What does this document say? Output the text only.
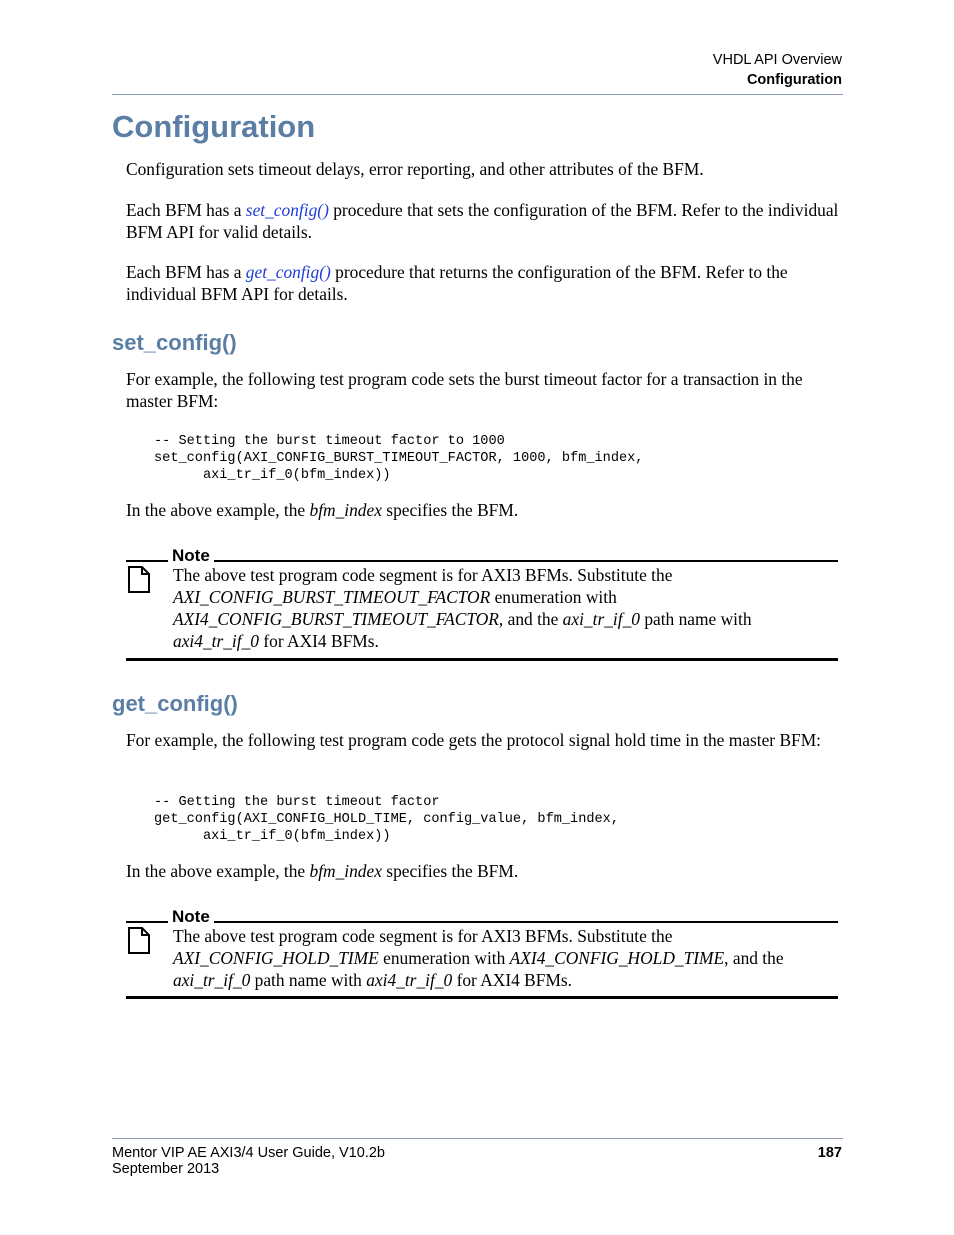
VHDL API Overview
Configuration
Configuration

Configuration sets timeout delays, error reporting, and other attributes of the BFM.

Each BFM has a set_config() procedure that sets the configuration of the BFM. Refer to the individual BFM API for valid details.

Each BFM has a get_config() procedure that returns the configuration of the BFM. Refer to the individual BFM API for details.

set_config()

For example, the following test program code sets the burst timeout factor for a transaction in the master BFM:

-- Setting the burst timeout factor to 1000
set_config(AXI_CONFIG_BURST_TIMEOUT_FACTOR, 1000, bfm_index,
axi_tr_if_0(bfm_index))

In the above example, the bfm_index specifies the BFM.

Note
The above test program code segment is for AXI3 BFMs. Substitute the AXI_CONFIG_BURST_TIMEOUT_FACTOR enumeration with AXI4_CONFIG_BURST_TIMEOUT_FACTOR, and the axi_tr_if_0 path name with axi4_tr_if_0 for AXI4 BFMs.
get_config()

For example, the following test program code gets the protocol signal hold time in the master BFM:

-- Getting the burst timeout factor
get_config(AXI_CONFIG_HOLD_TIME, config_value, bfm_index,
axi_tr_if_0(bfm_index))

In the above example, the bfm_index specifies the BFM.

Note
The above test program code segment is for AXI3 BFMs. Substitute the AXI_CONFIG_HOLD_TIME enumeration with AXI4_CONFIG_HOLD_TIME, and the axi_tr_if_0 path name with axi4_tr_if_0 for AXI4 BFMs.
Mentor VIP AE AXI3/4 User Guide, V10.2b
September 2013
187
